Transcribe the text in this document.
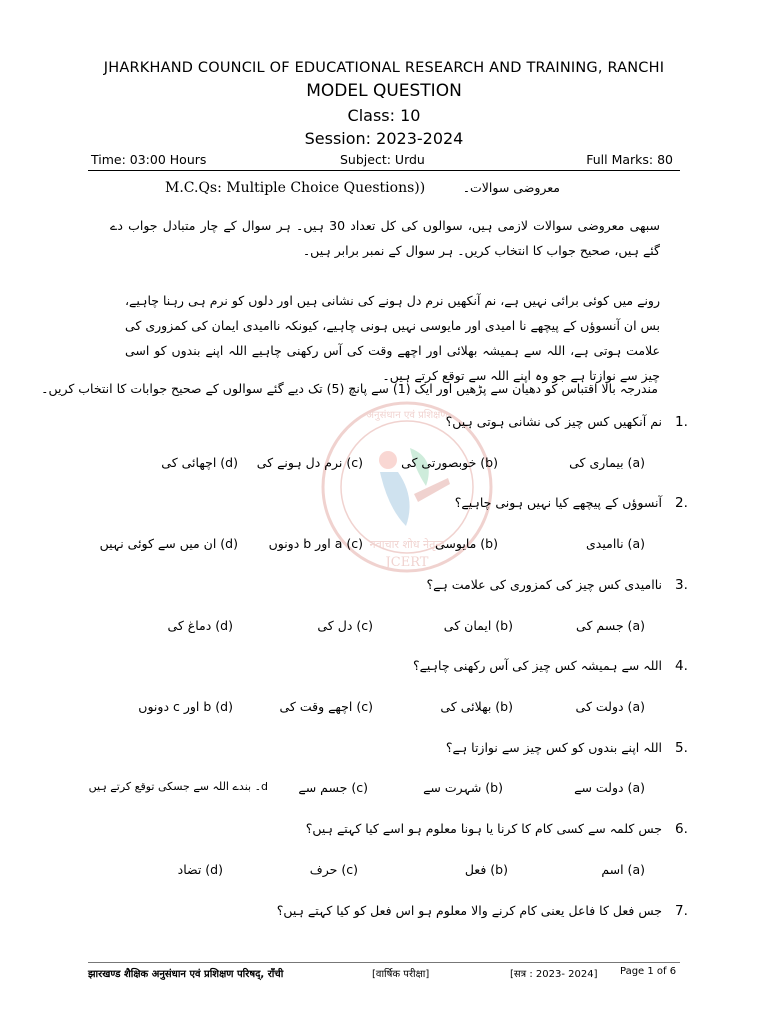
JHARKHAND COUNCIL OF EDUCATIONAL RESEARCH AND TRAINING, RANCHI
MODEL QUESTION
Class: 10
Session: 2023-2024
Time: 03:00 Hours	Subject: Urdu	Full Marks: 80
M.C.Qs: Multiple Choice Questions))	معروضی سوالات۔
سبھی معروضی سوالات لازمی ہیں، سوالوں کی کل تعداد 30 ہیں۔ ہر سوال کے چار متبادل جواب دے گئے ہیں، صحیح جواب کا انتخاب کریں۔ ہر سوال کے نمبر برابر ہیں۔
رونے میں کوئی برائی نہیں ہے، نم آنکھیں نرم دل ہونے کی نشانی ہیں اور دلوں کو نرم ہی رہنا چاہیے، بس ان آنسوؤں کے پیچھے نا امیدی اور مایوسی نہیں ہونی چاہیے، کیونکہ ناامیدی ایمان کی کمزوری کی علامت ہوتی ہے، اللہ سے ہمیشہ بھلائی اور اچھے وقت کی آس رکھنی چاہیے اللہ اپنے بندوں کو اسی چیز سے نوازتا ہے جو وہ اپنے اللہ سے توقع کرتے ہیں۔
مندرجہ بالا اقتباس کو دھیان سے پڑھیں اور ایک (1) سے پانچ (5) تک دیے گئے سوالوں کے صحیح جوابات کا انتخاب کریں۔
अनुसंधान एवं प्रशिक्षण
नवाचार शोध नेतृत्व
JCERT
1.
نم آنکھیں کس چیز کی نشانی ہوتی ہیں؟
(a) بیماری کی
(b) خوبصورتی کی
(c) نرم دل ہونے کی
(d) اچھائی کی
2.
آنسوؤں کے پیچھے کیا نہیں ہونی چاہیے؟
(a) ناامیدی
(b) مایوسی
(c) a اور b دونوں
(d) ان میں سے کوئی نہیں
3.
ناامیدی کس چیز کی کمزوری کی علامت ہے؟
(a) جسم کی
(b) ایمان کی
(c) دل کی
(d) دماغ کی
4.
اللہ سے ہمیشہ کس چیز کی آس رکھنی چاہیے؟
(a) دولت کی
(b) بھلائی کی
(c) اچھے وقت کی
(d) b اور c دونوں
5.
اللہ اپنے بندوں کو کس چیز سے نوازتا ہے؟
(a) دولت سے
(b) شہرت سے
(c) جسم سے
d۔ بندے اللہ سے جسکی توقع کرتے ہیں
6.
جس کلمہ سے کسی کام کا کرنا یا ہونا معلوم ہو اسے کیا کہتے ہیں؟
(a) اسم
(b) فعل
(c) حرف
(d) تضاد
7.
جس فعل کا فاعل یعنی کام کرنے والا معلوم ہو اس فعل کو کیا کہتے ہیں؟
झारखण्ड शैक्षिक अनुसंधान एवं प्रशिक्षण परिषद्, राँची	[वार्षिक परीक्षा]	[सत्र : 2023- 2024] Page 1 of 6
